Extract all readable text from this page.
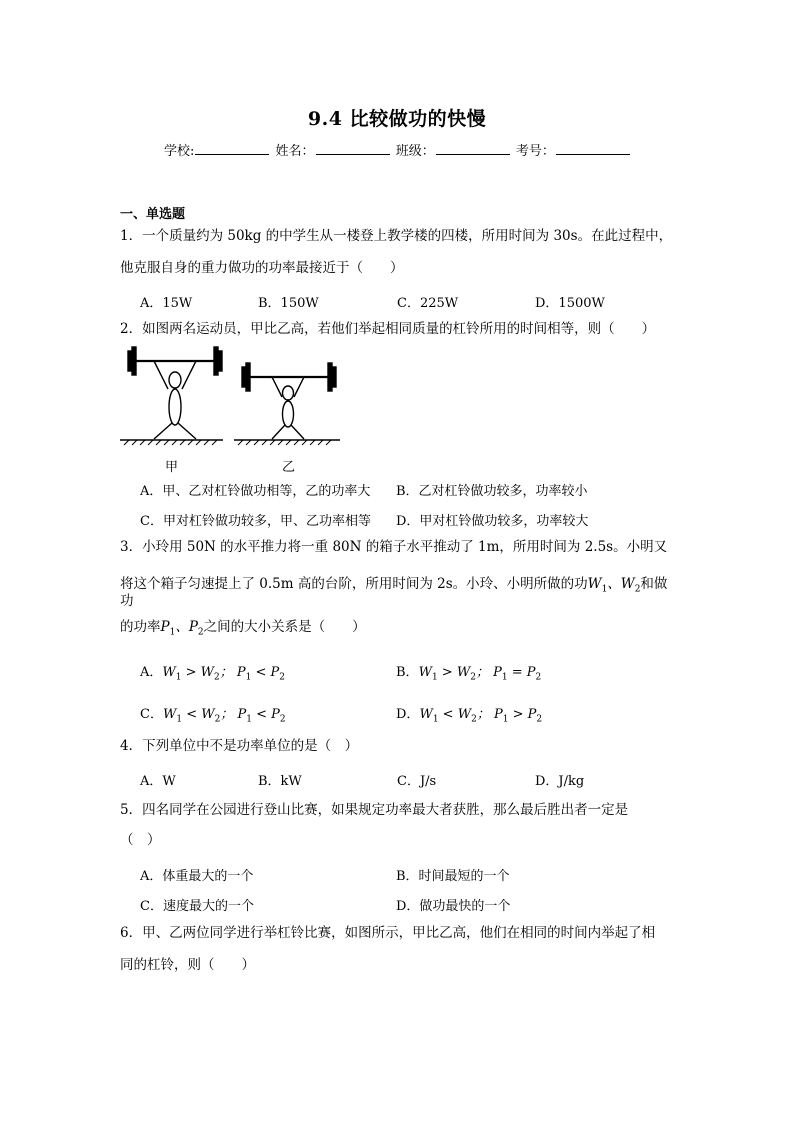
9.4 比较做功的快慢
学校:	姓名：	班级：	考号：
一、单选题
1．一个质量约为 50kg 的中学生从一楼登上教学楼的四楼，所用时间为 30s。在此过程中，
他克服自身的重力做功的功率最接近于（　　）
A．15W	B．150W	C．225W	D．1500W
2．如图两名运动员，甲比乙高，若他们举起相同质量的杠铃所用的时间相等，则（　　）
甲	乙
A．甲、乙对杠铃做功相等，乙的功率大 B．乙对杠铃做功较多，功率较小
C．甲对杠铃做功较多，甲、乙功率相等 D．甲对杠铃做功较多，功率较大
3．小玲用 50N 的水平推力将一重 80N 的箱子水平推动了 1m，所用时间为 2.5s。小明又
将这个箱子匀速提上了 0.5m 高的台阶，所用时间为 2s。小玲、小明所做的功$W_1$、$W_2$和做功
的功率$P_1$、$P_2$之间的大小关系是（　　）
A．$W_1 > W_2$； $P_1 < P_2$	B．$W_1 > W_2$； $P_1 = P_2$
C．$W_1 < W_2$； $P_1 < P_2$	D．$W_1 < W_2$； $P_1 > P_2$
4．下列单位中不是功率单位的是（　）
A．W	B．kW	C．J/s	D．J/kg
5．四名同学在公园进行登山比赛，如果规定功率最大者获胜，那么最后胜出者一定是
（　）
A．体重最大的一个	B．时间最短的一个
C．速度最大的一个	D．做功最快的一个
6．甲、乙两位同学进行举杠铃比赛，如图所示，甲比乙高，他们在相同的时间内举起了相
同的杠铃，则（　　）
